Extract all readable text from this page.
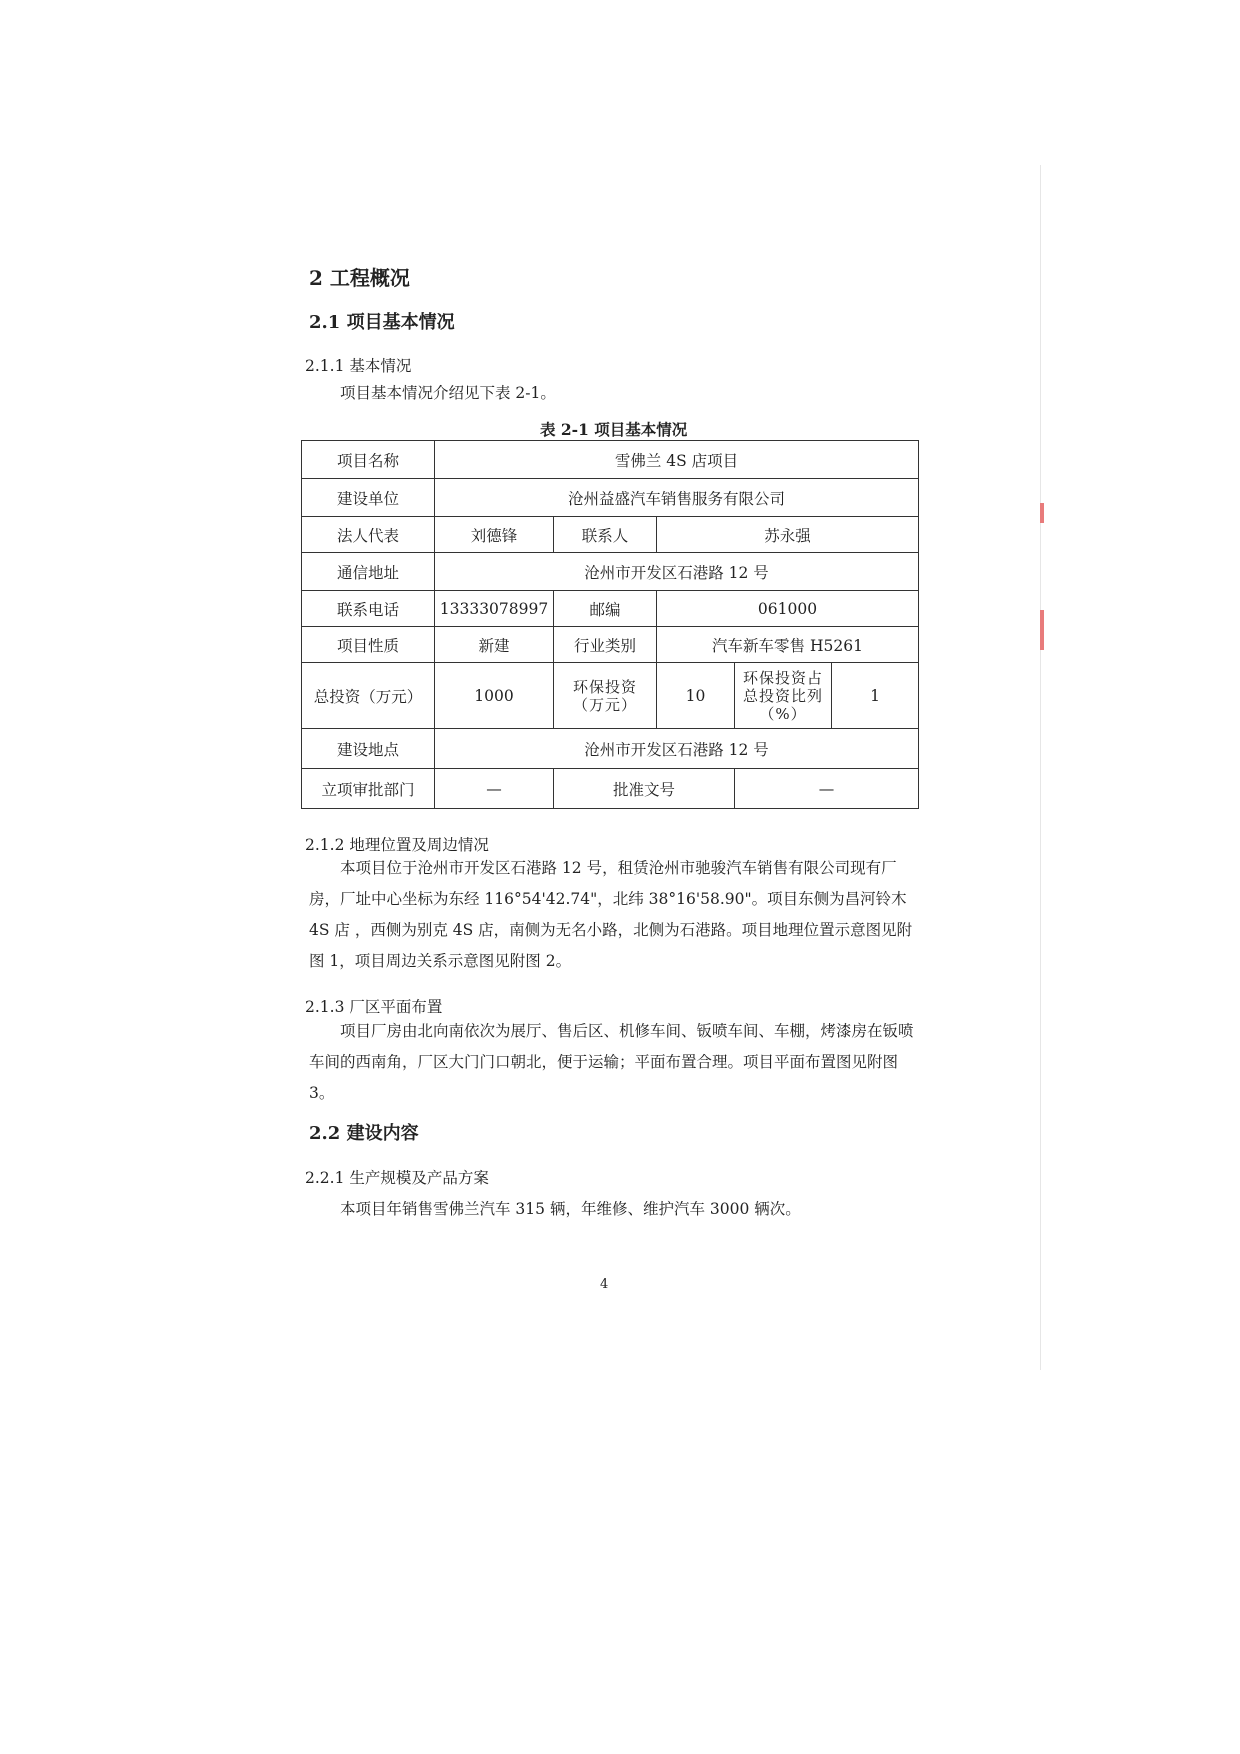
2 工程概况
2.1 项目基本情况
2.1.1 基本情况
项目基本情况介绍见下表 2-1。
表 2-1 项目基本情况
项目名称	雪佛兰 4S 店项目				
建设单位	沧州益盛汽车销售服务有限公司				
法人代表	刘德锋	联系人	苏永强		
通信地址	沧州市开发区石港路 12 号				
联系电话	13333078997	邮编	061000		
项目性质	新建	行业类别	汽车新车零售 H5261		
总投资（万元）	1000	环保投资（万元）	10	环保投资占总投资比列（%）	1
建设地点	沧州市开发区石港路 12 号				
立项审批部门	—	批准文号		—	
2.1.2 地理位置及周边情况
本项目位于沧州市开发区石港路 12 号，租赁沧州市驰骏汽车销售有限公司现有厂房，厂址中心坐标为东经 116°54'42.74"，北纬 38°16'58.90"。项目东侧为昌河铃木 4S 店 ，西侧为别克 4S 店，南侧为无名小路，北侧为石港路。项目地理位置示意图见附图 1，项目周边关系示意图见附图 2。
2.1.3 厂区平面布置
项目厂房由北向南依次为展厅、售后区、机修车间、钣喷车间、车棚，烤漆房在钣喷车间的西南角，厂区大门门口朝北，便于运输；平面布置合理。项目平面布置图见附图 3。
2.2 建设内容
2.2.1 生产规模及产品方案
本项目年销售雪佛兰汽车 315 辆，年维修、维护汽车 3000 辆次。
4
